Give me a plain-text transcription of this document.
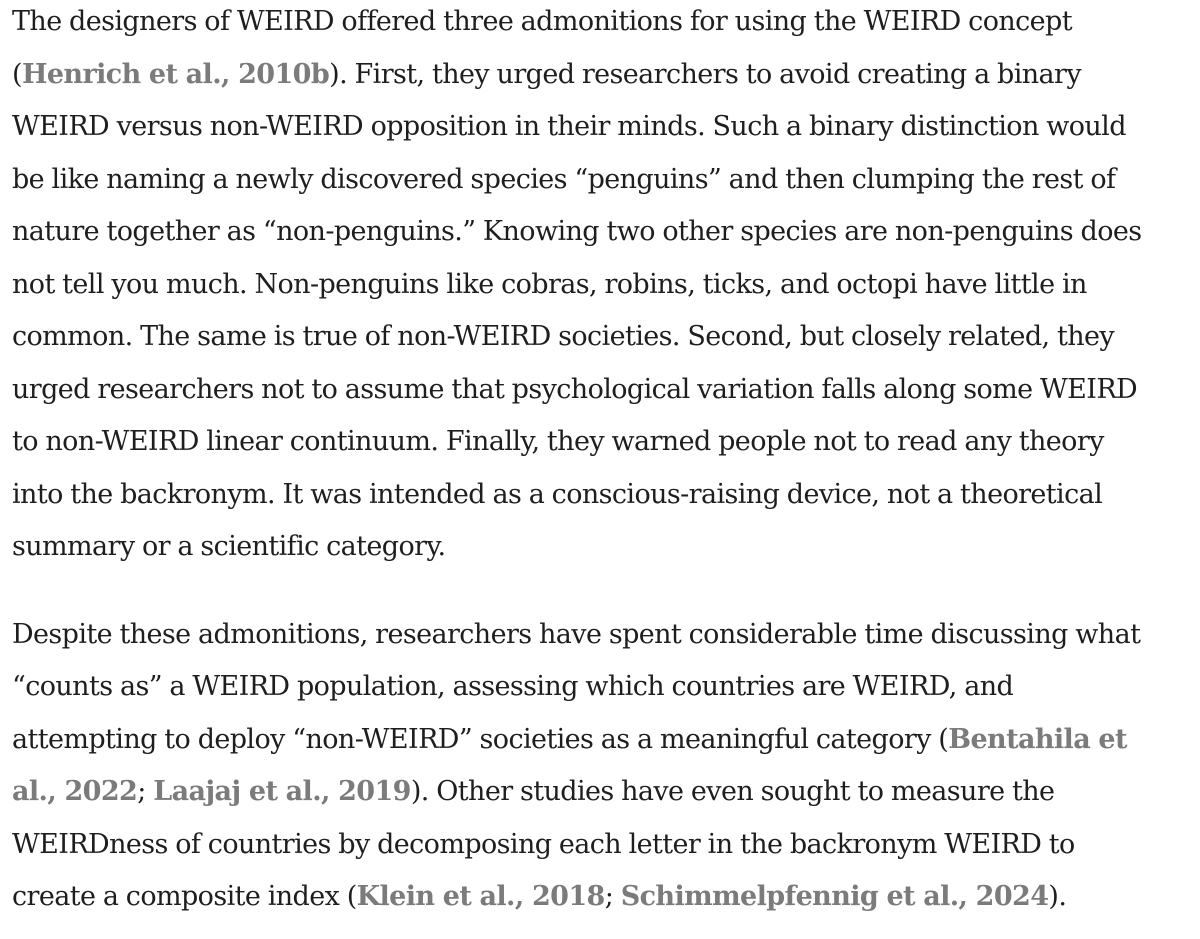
The designers of WEIRD offered three admonitions for using the WEIRD concept
(Henrich et al., 2010b). First, they urged researchers to avoid creating a binary
WEIRD versus non-WEIRD opposition in their minds. Such a binary distinction would
be like naming a newly discovered species “penguins” and then clumping the rest of
nature together as “non-penguins.” Knowing two other species are non-penguins does
not tell you much. Non-penguins like cobras, robins, ticks, and octopi have little in
common. The same is true of non-WEIRD societies. Second, but closely related, they
urged researchers not to assume that psychological variation falls along some WEIRD
to non-WEIRD linear continuum. Finally, they warned people not to read any theory
into the backronym. It was intended as a conscious-raising device, not a theoretical
summary or a scientific category.

Despite these admonitions, researchers have spent considerable time discussing what
“counts as” a WEIRD population, assessing which countries are WEIRD, and
attempting to deploy “non-WEIRD” societies as a meaningful category (Bentahila et
al., 2022; Laajaj et al., 2019). Other studies have even sought to measure the
WEIRDness of countries by decomposing each letter in the backronym WEIRD to
create a composite index (Klein et al., 2018; Schimmelpfennig et al., 2024).
